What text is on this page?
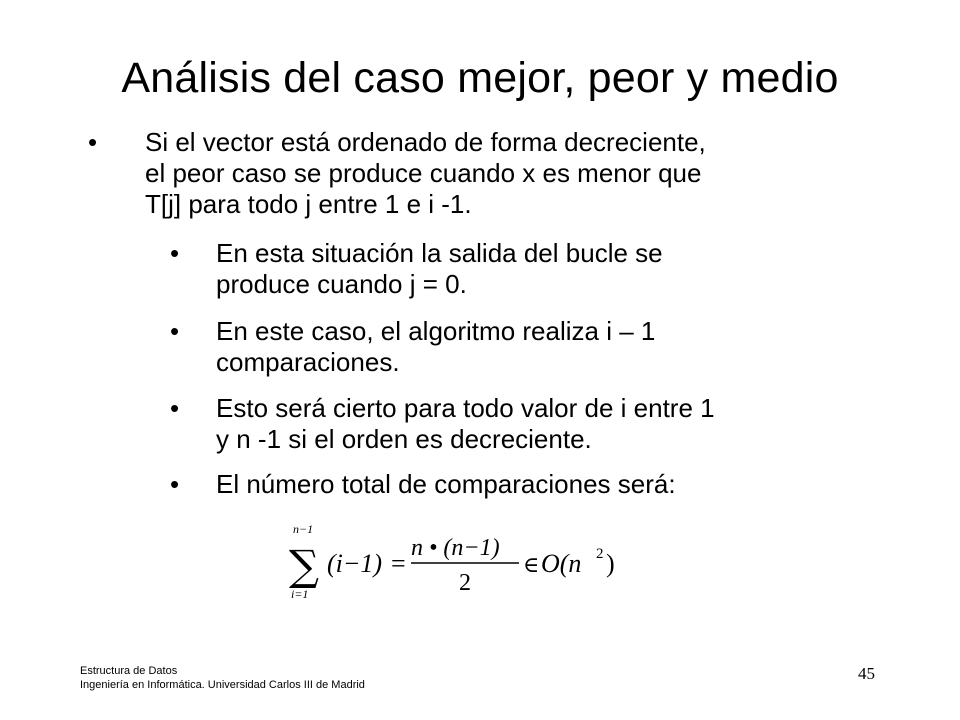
Análisis del caso mejor, peor y medio
• Si el vector está ordenado de forma decreciente,
el peor caso se produce cuando x es menor que
T[j] para todo j entre 1 e i -1.
• En esta situación la salida del bucle se
produce cuando j = 0.
• En este caso, el algoritmo realiza i – 1
comparaciones.
• Esto será cierto para todo valor de i entre 1
y n -1 si el orden es decreciente.
• El número total de comparaciones será:
n−1
∑
i=1
(i−1) =
n • (n−1)
2
∈ O(n 2 )
Estructura de Datos
Ingeniería en Informática. Universidad Carlos III de Madrid
45
